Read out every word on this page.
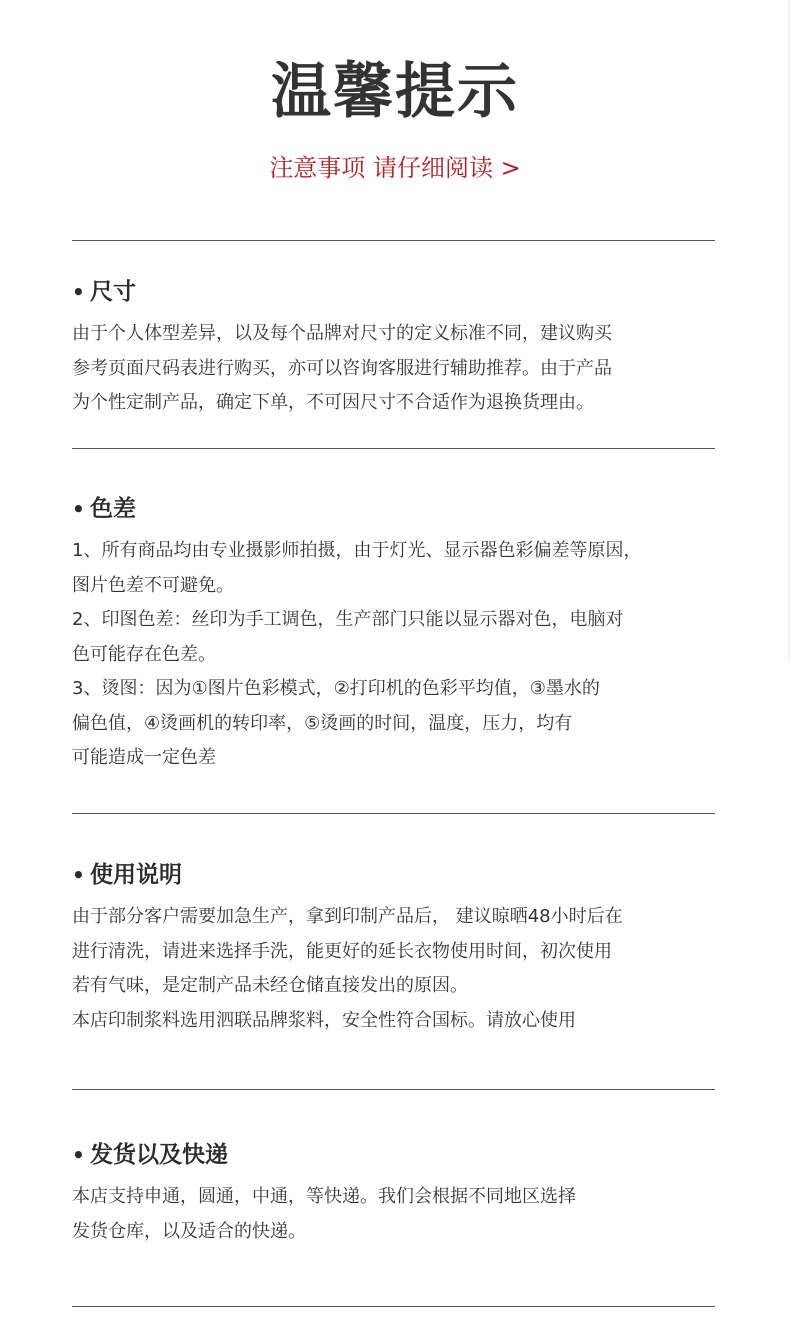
温馨提示
注意事项 请仔细阅读 >
• 尺寸

由于个人体型差异，以及每个品牌对尺寸的定义标准不同，建议购买

参考页面尺码表进行购买，亦可以咨询客服进行辅助推荐。由于产品

为个性定制产品，确定下单，不可因尺寸不合适作为退换货理由。

• 色差

1、所有商品均由专业摄影师拍摄，由于灯光、显示器色彩偏差等原因，

图片色差不可避免。

2、印图色差：丝印为手工调色，生产部门只能以显示器对色，电脑对

色可能存在色差。

3、烫图：因为①图片色彩模式，②打印机的色彩平均值，③墨水的

偏色值，④烫画机的转印率，⑤烫画的时间，温度，压力，均有

可能造成一定色差

• 使用说明

由于部分客户需要加急生产，拿到印制产品后， 建议晾晒48小时后在

进行清洗，请进来选择手洗，能更好的延长衣物使用时间，初次使用

若有气味，是定制产品未经仓储直接发出的原因。

本店印制浆料选用泗联品牌浆料，安全性符合国标。请放心使用

• 发货以及快递

本店支持申通，圆通，中通，等快递。我们会根据不同地区选择

发货仓库，以及适合的快递。
